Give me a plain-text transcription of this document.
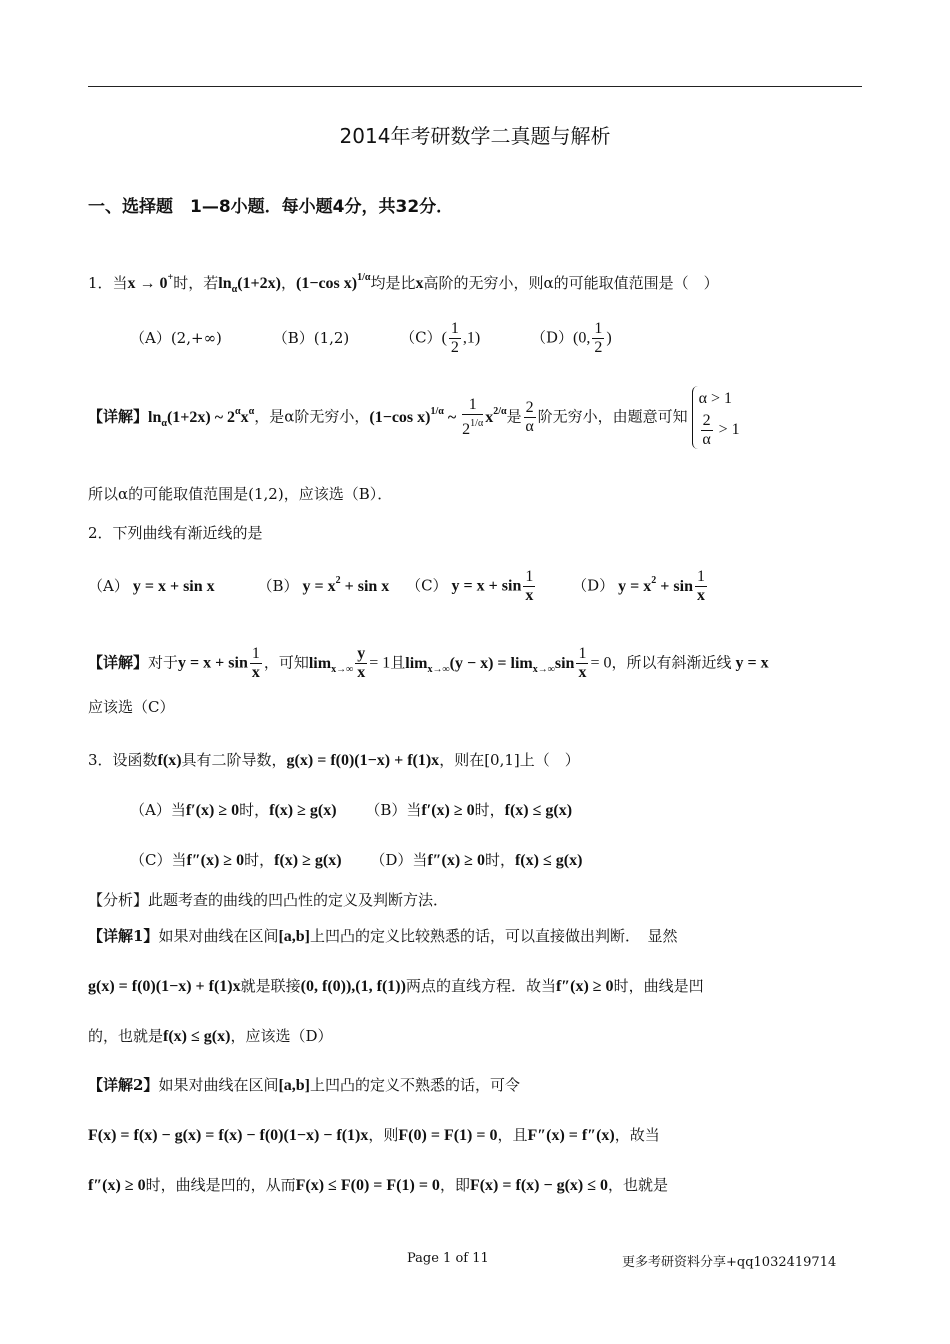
2014年考研数学二真题与解析
一、选择题　1—8小题．每小题4分，共32分．
1．当x → 0+时，若$\ln_\alpha(1+2x)$，(1−cos x)$^{1/\alpha}$均是比x高阶的无穷小，则α的可能取值范围是（　）
（A）(2,+∞)	（B）(1,2)	$(C)( \frac{1}{2} ,1)$	（D）(0, $\frac{1}{2}$ )
【详解】$\ln_\alpha(1+2x)$ ~ $2^\alpha x^\alpha$，是α阶无穷小，(1−cos x)$^{1/\alpha}$ ~ $\frac{1}{2^{1/\alpha}} x^{2/\alpha}$是 $\frac{2}{\alpha}$ 阶无穷小，由题意可知
α > 1
$\frac{2}{\alpha} > 1$
所以α的可能取值范围是(1,2)，应该选（B）．
2．下列曲线有渐近线的是
（A） y = x + sin x	（B） $y = x^2 + \sin x$ （C） $y = x + \sin \frac{1}{x} (D) y = x^2 + \sin \frac{1}{x}$
【详解】对于$y = x + \sin \frac{1}{x}$ ，可知$\lim_{x\to\infty} \frac{y}{x} = 1$且$\lim_{x\to\infty}(y - x) = \lim_{x\to\infty}\sin \frac{1}{x} = 0$，所以有斜渐近线 y = x
应该选（C）
3．设函数f(x)具有二阶导数，g(x) = f(0)(1−x) + f(1)x，则在[0,1]上（　）
（A）当f′(x) ≥ 0时，f(x) ≥ g(x) （B）当f′(x) ≥ 0时，f(x) ≤ g(x)
（C）当f″(x) ≥ 0时，f(x) ≥ g(x) （D）当f″(x) ≥ 0时，f(x) ≤ g(x)
【分析】此题考查的曲线的凹凸性的定义及判断方法．
【详解1】如果对曲线在区间[a,b]上凹凸的定义比较熟悉的话，可以直接做出判断．　显然
g(x) = f(0)(1−x) + f(1)x就是联接(0, f(0)),(1, f(1))两点的直线方程．故当f″(x) ≥ 0时，曲线是凹
的，也就是f(x) ≤ g(x)，应该选（D）
【详解2】如果对曲线在区间[a,b]上凹凸的定义不熟悉的话，可令
F(x) = f(x) − g(x) = f(x) − f(0)(1−x) − f(1)x，则F(0) = F(1) = 0，且F″(x) = f″(x)，故当
f″(x) ≥ 0时，曲线是凹的，从而F(x) ≤ F(0) = F(1) = 0，即F(x) = f(x) − g(x) ≤ 0，也就是
Page 1 of 11	更多考研资料分享+qq1032419714
